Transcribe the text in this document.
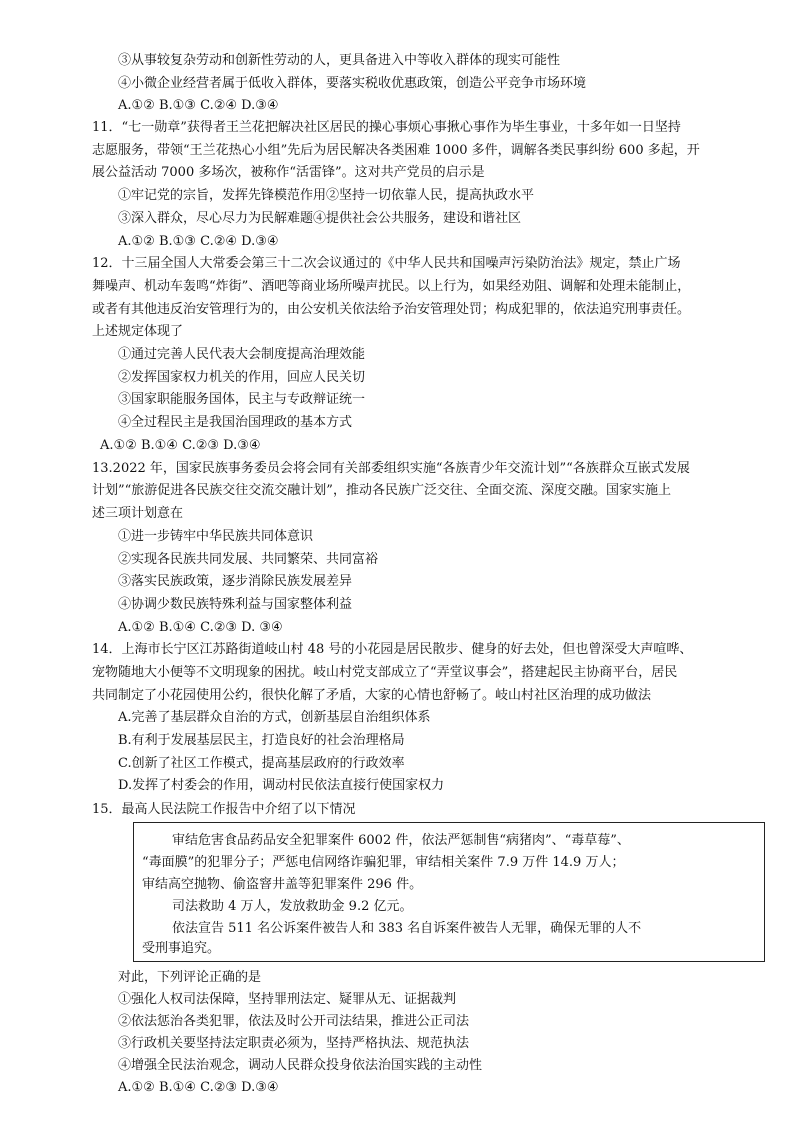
③从事较复杂劳动和创新性劳动的人，更具备进入中等收入群体的现实可能性
④小微企业经营者属于低收入群体，要落实税收优惠政策，创造公平竞争市场环境
A.①② B.①③ C.②④ D.③④
11．“七一勋章”获得者王兰花把解决社区居民的操心事烦心事揪心事作为毕生事业，十多年如一日坚持
志愿服务，带领“王兰花热心小组”先后为居民解决各类困难 1000 多件，调解各类民事纠纷 600 多起，开
展公益活动 7000 多场次，被称作“活雷锋”。这对共产党员的启示是
①牢记党的宗旨，发挥先锋模范作用②坚持一切依靠人民，提高执政水平
③深入群众，尽心尽力为民解难题④提供社会公共服务，建设和谐社区
A.①② B.①③ C.②④ D.③④
12．十三届全国人大常委会第三十二次会议通过的《中华人民共和国噪声污染防治法》规定，禁止广场
舞噪声、机动车轰鸣“炸街”、酒吧等商业场所噪声扰民。以上行为，如果经劝阻、调解和处理未能制止，
或者有其他违反治安管理行为的，由公安机关依法给予治安管理处罚；构成犯罪的，依法追究刑事责任。
上述规定体现了
①通过完善人民代表大会制度提高治理效能
②发挥国家权力机关的作用，回应人民关切
③国家职能服务国体，民主与专政辩证统一
④全过程民主是我国治国理政的基本方式
A.①② B.①④ C.②③ D.③④
13.2022 年，国家民族事务委员会将会同有关部委组织实施“各族青少年交流计划”“各族群众互嵌式发展
计划”“旅游促进各民族交往交流交融计划”，推动各民族广泛交往、全面交流、深度交融。国家实施上
述三项计划意在
①进一步铸牢中华民族共同体意识
②实现各民族共同发展、共同繁荣、共同富裕
③落实民族政策，逐步消除民族发展差异
④协调少数民族特殊利益与国家整体利益
A.①② B.①④ C.②③ D. ③④
14．上海市长宁区江苏路街道岐山村 48 号的小花园是居民散步、健身的好去处，但也曾深受大声喧哗、
宠物随地大小便等不文明现象的困扰。岐山村党支部成立了“弄堂议事会”，搭建起民主协商平台，居民
共同制定了小花园使用公约，很快化解了矛盾，大家的心情也舒畅了。岐山村社区治理的成功做法
A.完善了基层群众自治的方式，创新基层自治组织体系
B.有利于发展基层民主，打造良好的社会治理格局
C.创新了社区工作模式，提高基层政府的行政效率
D.发挥了村委会的作用，调动村民依法直接行使国家权力
15．最高人民法院工作报告中介绍了以下情况
审结危害食品药品安全犯罪案件 6002 件，依法严惩制售“病猪肉”、“毒草莓”、
“毒面膜”的犯罪分子；严惩电信网络诈骗犯罪，审结相关案件 7.9 万件 14.9 万人；
审结高空抛物、偷盗窨井盖等犯罪案件 296 件。
司法救助 4 万人，发放救助金 9.2 亿元。
依法宣告 511 名公诉案件被告人和 383 名自诉案件被告人无罪，确保无罪的人不
受刑事追究。
对此，下列评论正确的是
①强化人权司法保障，坚持罪刑法定、疑罪从无、证据裁判
②依法惩治各类犯罪，依法及时公开司法结果，推进公正司法
③行政机关要坚持法定职责必须为，坚持严格执法、规范执法
④增强全民法治观念，调动人民群众投身依法治国实践的主动性
A.①② B.①④ C.②③ D.③④
